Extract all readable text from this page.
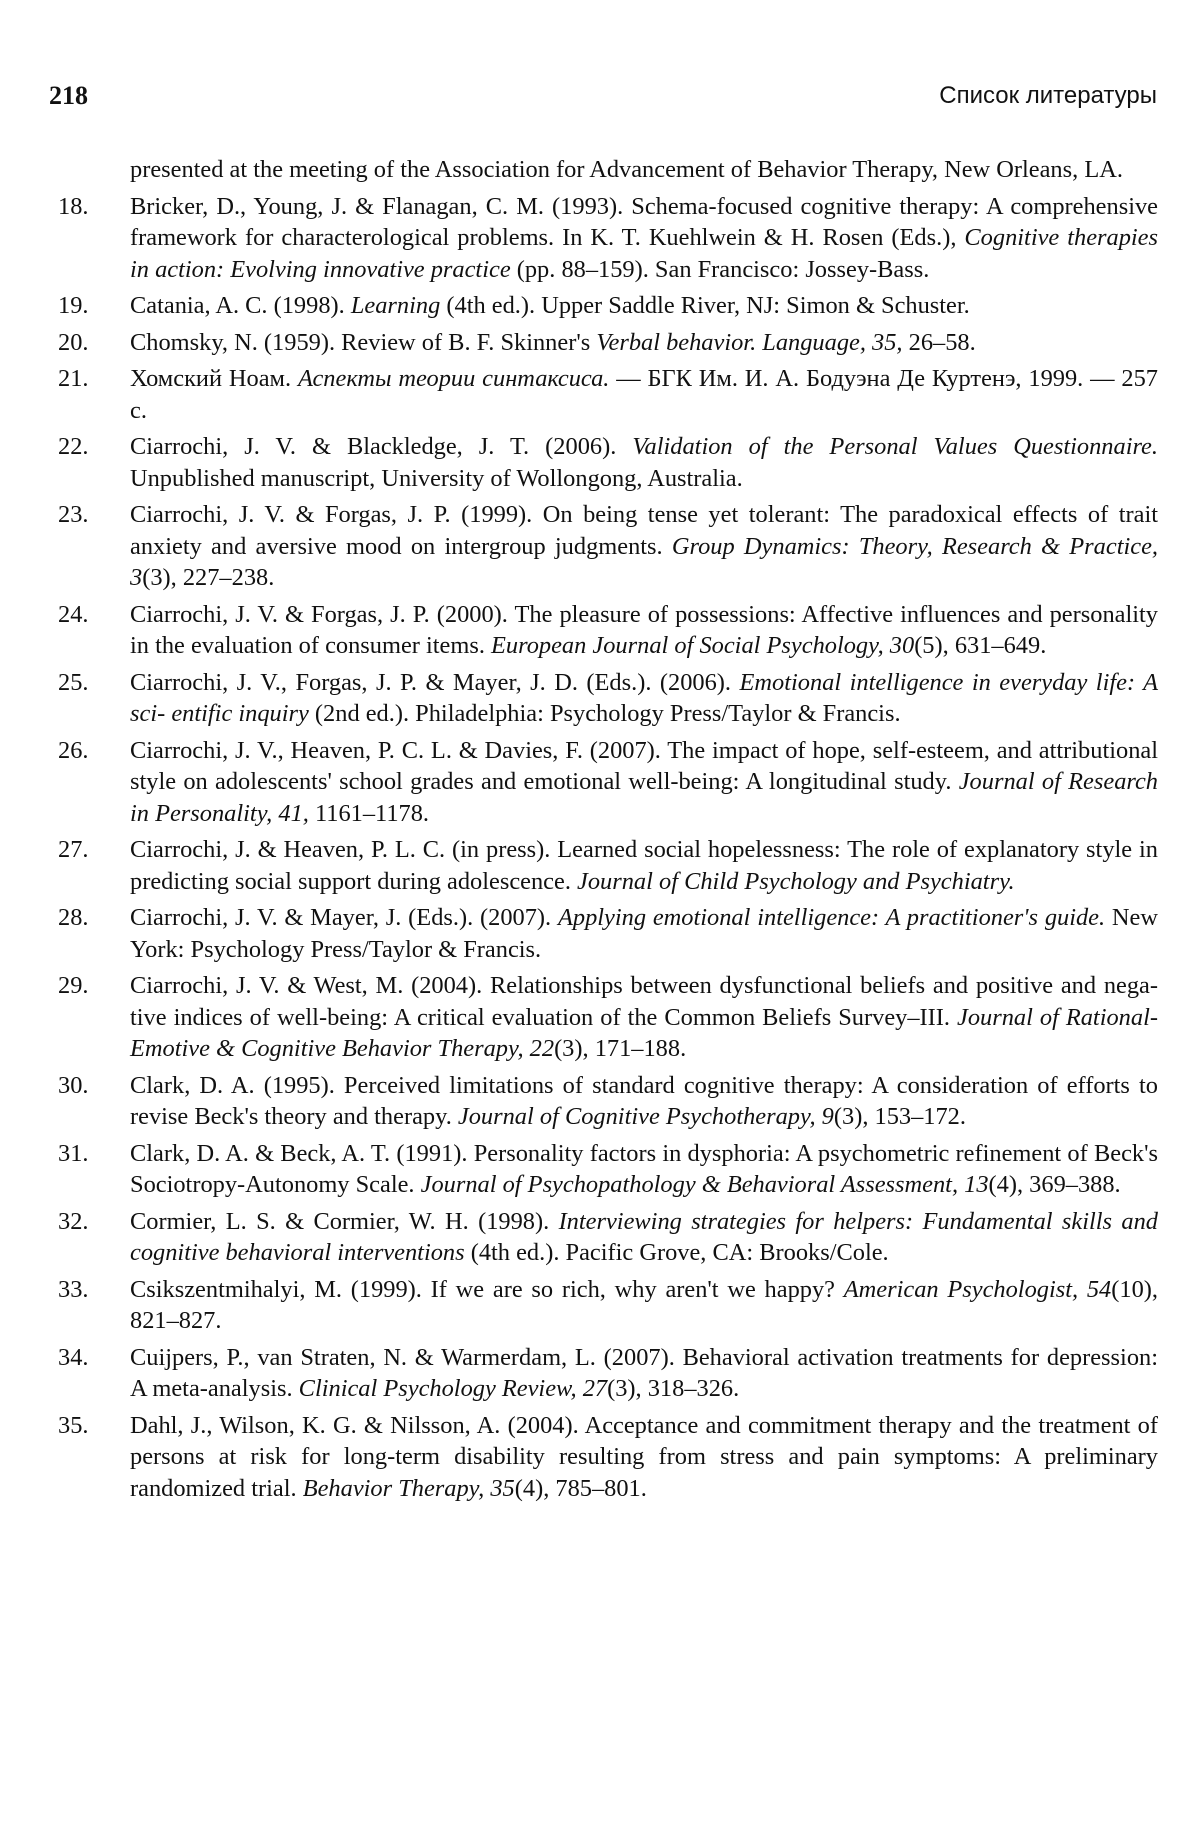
218	Список литературы
presented at the meeting of the Association for Advancement of Behavior Therapy, New Orleans, LA.
18. Bricker, D., Young, J. & Flanagan, C. M. (1993). Schema-focused cognitive therapy: A comprehensive framework for characterological problems. In K. T. Kuehlwein & H. Rosen (Eds.), Cognitive therapies in action: Evolving innovative practice (pp. 88–159). San Francisco: Jossey-Bass.
19. Catania, A. C. (1998). Learning (4th ed.). Upper Saddle River, NJ: Simon & Schuster.
20. Chomsky, N. (1959). Review of B. F. Skinner's Verbal behavior. Language, 35, 26–58.
21. Хомский Ноам. Аспекты теории синтаксиса. — БГК Им. И. А. Бодуэна Де Куртенэ, 1999. — 257 с.
22. Ciarrochi, J. V. & Blackledge, J. T. (2006). Validation of the Personal Values Questionnaire. Unpublished manuscript, University of Wollongong, Australia.
23. Ciarrochi, J. V. & Forgas, J. P. (1999). On being tense yet tolerant: The paradoxical effects of trait anxiety and aversive mood on intergroup judgments. Group Dynamics: Theory, Research & Practice, 3(3), 227–238.
24. Ciarrochi, J. V. & Forgas, J. P. (2000). The pleasure of possessions: Affective influences and personality in the evaluation of consumer items. European Journal of Social Psychology, 30(5), 631–649.
25. Ciarrochi, J. V., Forgas, J. P. & Mayer, J. D. (Eds.). (2006). Emotional intelligence in everyday life: A sci- entific inquiry (2nd ed.). Philadelphia: Psychology Press/Taylor & Francis.
26. Ciarrochi, J. V., Heaven, P. C. L. & Davies, F. (2007). The impact of hope, self-esteem, and attributional style on adolescents' school grades and emotional well-being: A longitudinal study. Journal of Research in Personality, 41, 1161–1178.
27. Ciarrochi, J. & Heaven, P. L. C. (in press). Learned social hopelessness: The role of explanatory style in predicting social support during adolescence. Journal of Child Psychology and Psychiatry.
28. Ciarrochi, J. V. & Mayer, J. (Eds.). (2007). Applying emotional intelligence: A practitioner's guide. New York: Psychology Press/Taylor & Francis.
29. Ciarrochi, J. V. & West, M. (2004). Relationships between dysfunctional beliefs and positive and nega- tive indices of well-being: A critical evaluation of the Common Beliefs Survey–III. Journal of Rational- Emotive & Cognitive Behavior Therapy, 22(3), 171–188.
30. Clark, D. A. (1995). Perceived limitations of standard cognitive therapy: A consideration of efforts to revise Beck's theory and therapy. Journal of Cognitive Psychotherapy, 9(3), 153–172.
31. Clark, D. A. & Beck, A. T. (1991). Personality factors in dysphoria: A psychometric refinement of Beck's Sociotropy-Autonomy Scale. Journal of Psychopathology & Behavioral Assessment, 13(4), 369–388.
32. Cormier, L. S. & Cormier, W. H. (1998). Interviewing strategies for helpers: Fundamental skills and cognitive behavioral interventions (4th ed.). Pacific Grove, CA: Brooks/Cole.
33. Csikszentmihalyi, M. (1999). If we are so rich, why aren't we happy? American Psychologist, 54(10), 821–827.
34. Cuijpers, P., van Straten, N. & Warmerdam, L. (2007). Behavioral activation treatments for depression: A meta-analysis. Clinical Psychology Review, 27(3), 318–326.
35. Dahl, J., Wilson, K. G. & Nilsson, A. (2004). Acceptance and commitment therapy and the treatment of persons at risk for long-term disability resulting from stress and pain symptoms: A preliminary randomized trial. Behavior Therapy, 35(4), 785–801.
